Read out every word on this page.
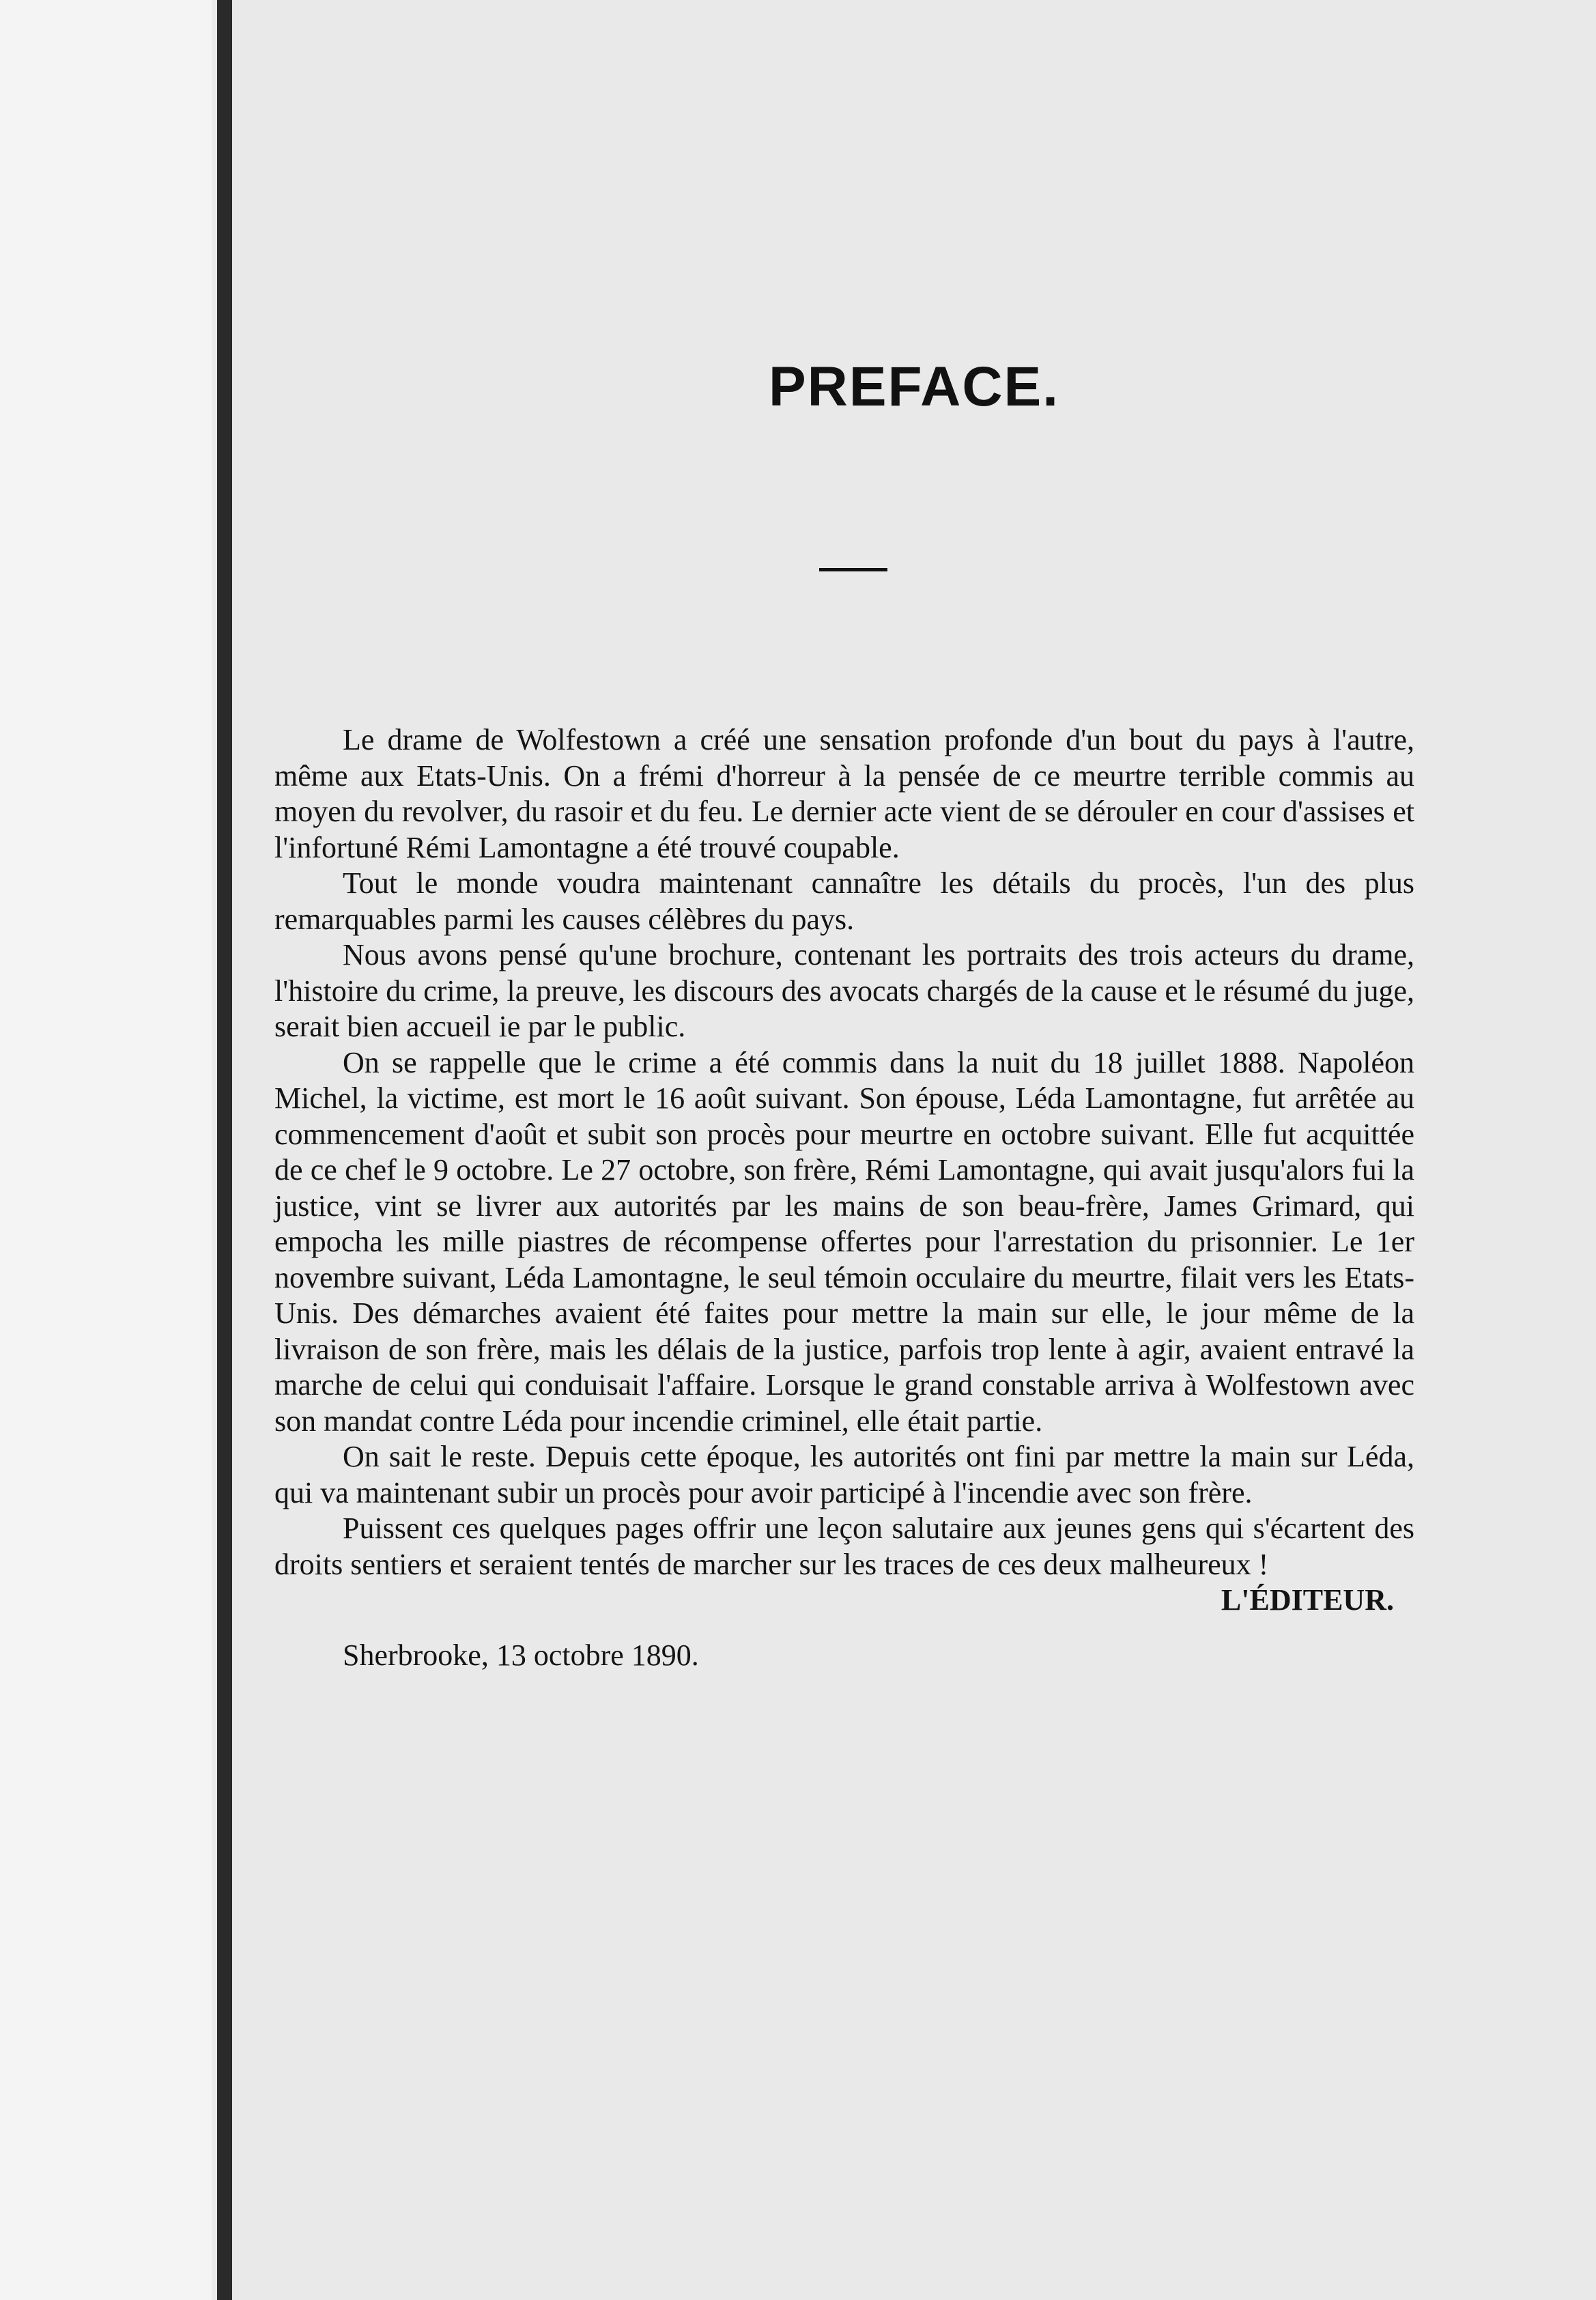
PREFACE.

Le drame de Wolfestown a créé une sensation profonde d'un bout du pays à l'autre, même aux Etats-Unis. On a frémi d'horreur à la pensée de ce meurtre terrible commis au moyen du revolver, du rasoir et du feu. Le dernier acte vient de se dérouler en cour d'assises et l'infortuné Rémi Lamontagne a été trouvé coupable.

Tout le monde voudra maintenant cannaître les détails du procès, l'un des plus remarquables parmi les causes célèbres du pays.

Nous avons pensé qu'une brochure, contenant les portraits des trois acteurs du drame, l'histoire du crime, la preuve, les discours des avocats chargés de la cause et le résumé du juge, serait bien accueil ie par le public.

On se rappelle que le crime a été commis dans la nuit du 18 juillet 1888. Napoléon Michel, la victime, est mort le 16 août suivant. Son épouse, Léda Lamontagne, fut arrêtée au commencement d'août et subit son procès pour meurtre en octobre suivant. Elle fut acquittée de ce chef le 9 octobre. Le 27 octobre, son frère, Rémi Lamontagne, qui avait jusqu'alors fui la justice, vint se livrer aux autorités par les mains de son beau-frère, James Grimard, qui empocha les mille piastres de récompense offertes pour l'arrestation du prisonnier. Le 1er novembre suivant, Léda Lamontagne, le seul témoin occulaire du meurtre, filait vers les Etats-Unis. Des démarches avaient été faites pour mettre la main sur elle, le jour même de la livraison de son frère, mais les délais de la justice, parfois trop lente à agir, avaient entravé la marche de celui qui conduisait l'affaire. Lorsque le grand constable arriva à Wolfestown avec son mandat contre Léda pour incendie criminel, elle était partie.

On sait le reste. Depuis cette époque, les autorités ont fini par mettre la main sur Léda, qui va maintenant subir un procès pour avoir participé à l'incendie avec son frère.

Puissent ces quelques pages offrir une leçon salutaire aux jeunes gens qui s'écartent des droits sentiers et seraient tentés de marcher sur les traces de ces deux malheureux !

L'ÉDITEUR.
Sherbrooke, 13 octobre 1890.
